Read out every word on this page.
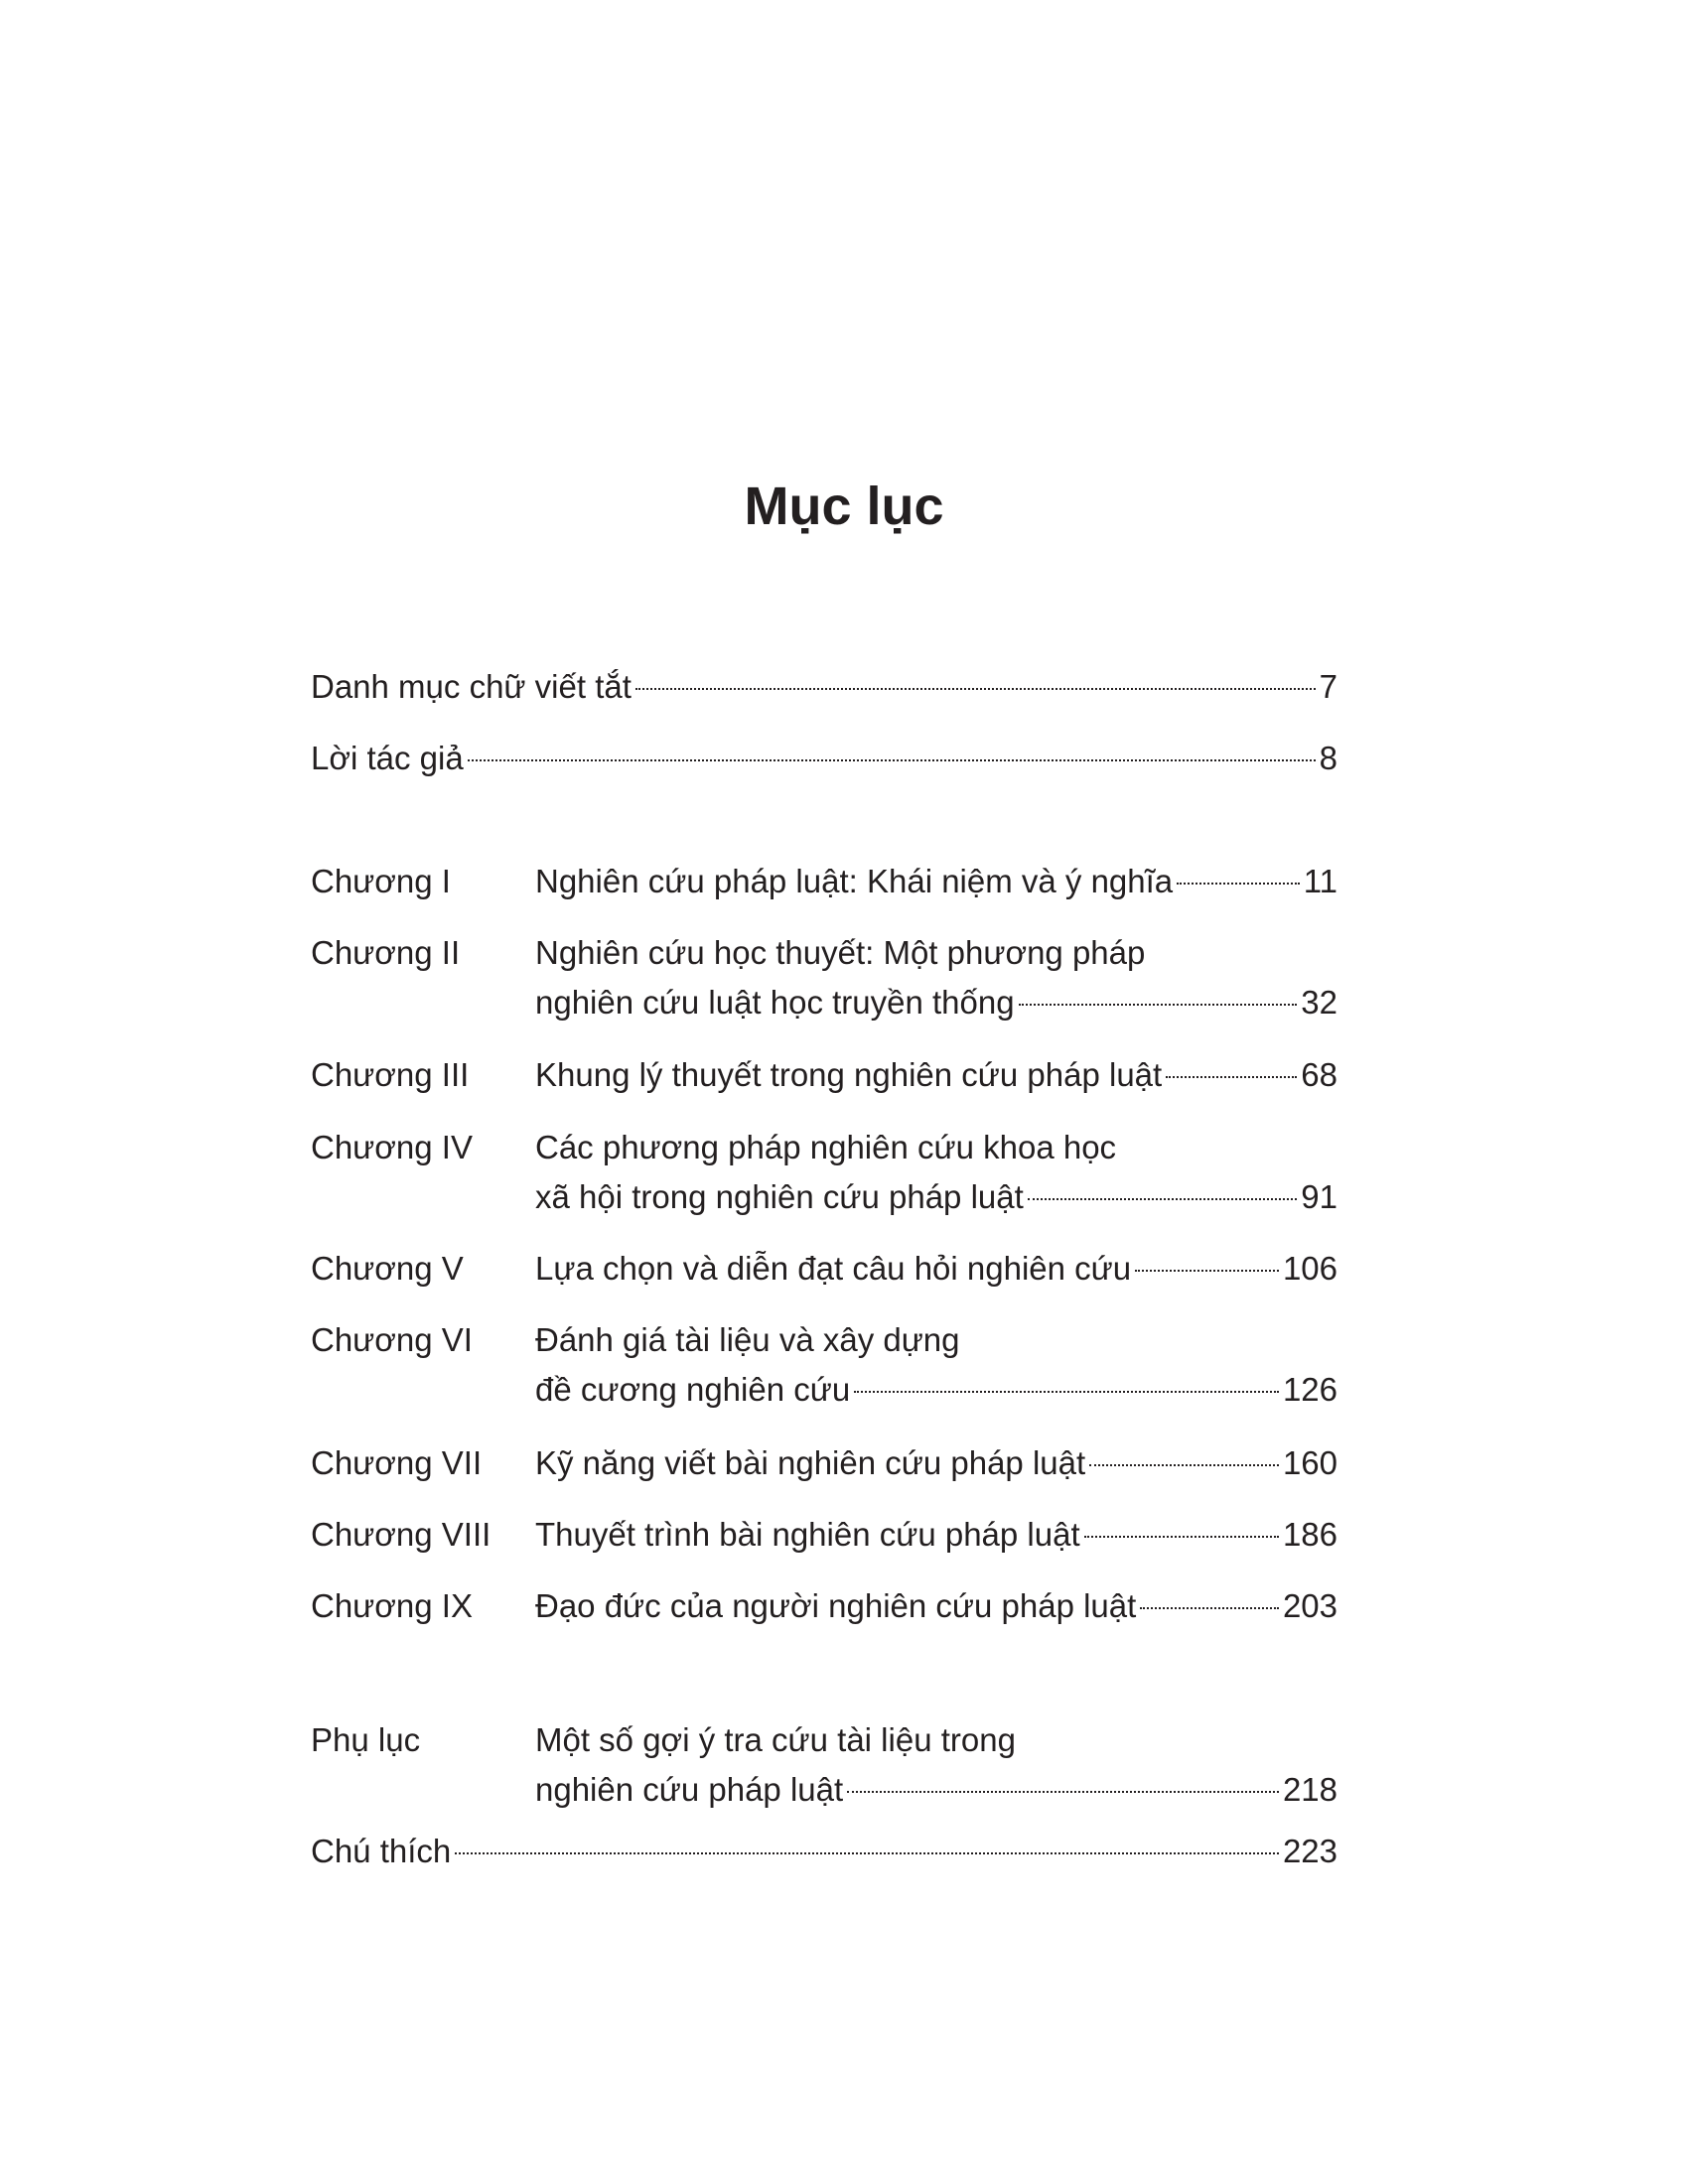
Mục lục
Danh mục chữ viết tắt	7
Lời tác giả	8
Chương I	Nghiên cứu pháp luật: Khái niệm và ý nghĩa	11
Chương II Nghiên cứu học thuyết: Một phương pháp
nghiên cứu luật học truyền thống	32
Chương III Khung lý thuyết trong nghiên cứu pháp luật	68
Chương IV Các phương pháp nghiên cứu khoa học
xã hội trong nghiên cứu pháp luật	91
Chương V Lựa chọn và diễn đạt câu hỏi nghiên cứu	106
Chương VI Đánh giá tài liệu và xây dựng
đề cương nghiên cứu	126
Chương VII Kỹ năng viết bài nghiên cứu pháp luật	160
Chương VIII Thuyết trình bài nghiên cứu pháp luật	186
Chương IX Đạo đức của người nghiên cứu pháp luật	203
Phụ lục	Một số gợi ý tra cứu tài liệu trong
nghiên cứu pháp luật	218
Chú thích	223
